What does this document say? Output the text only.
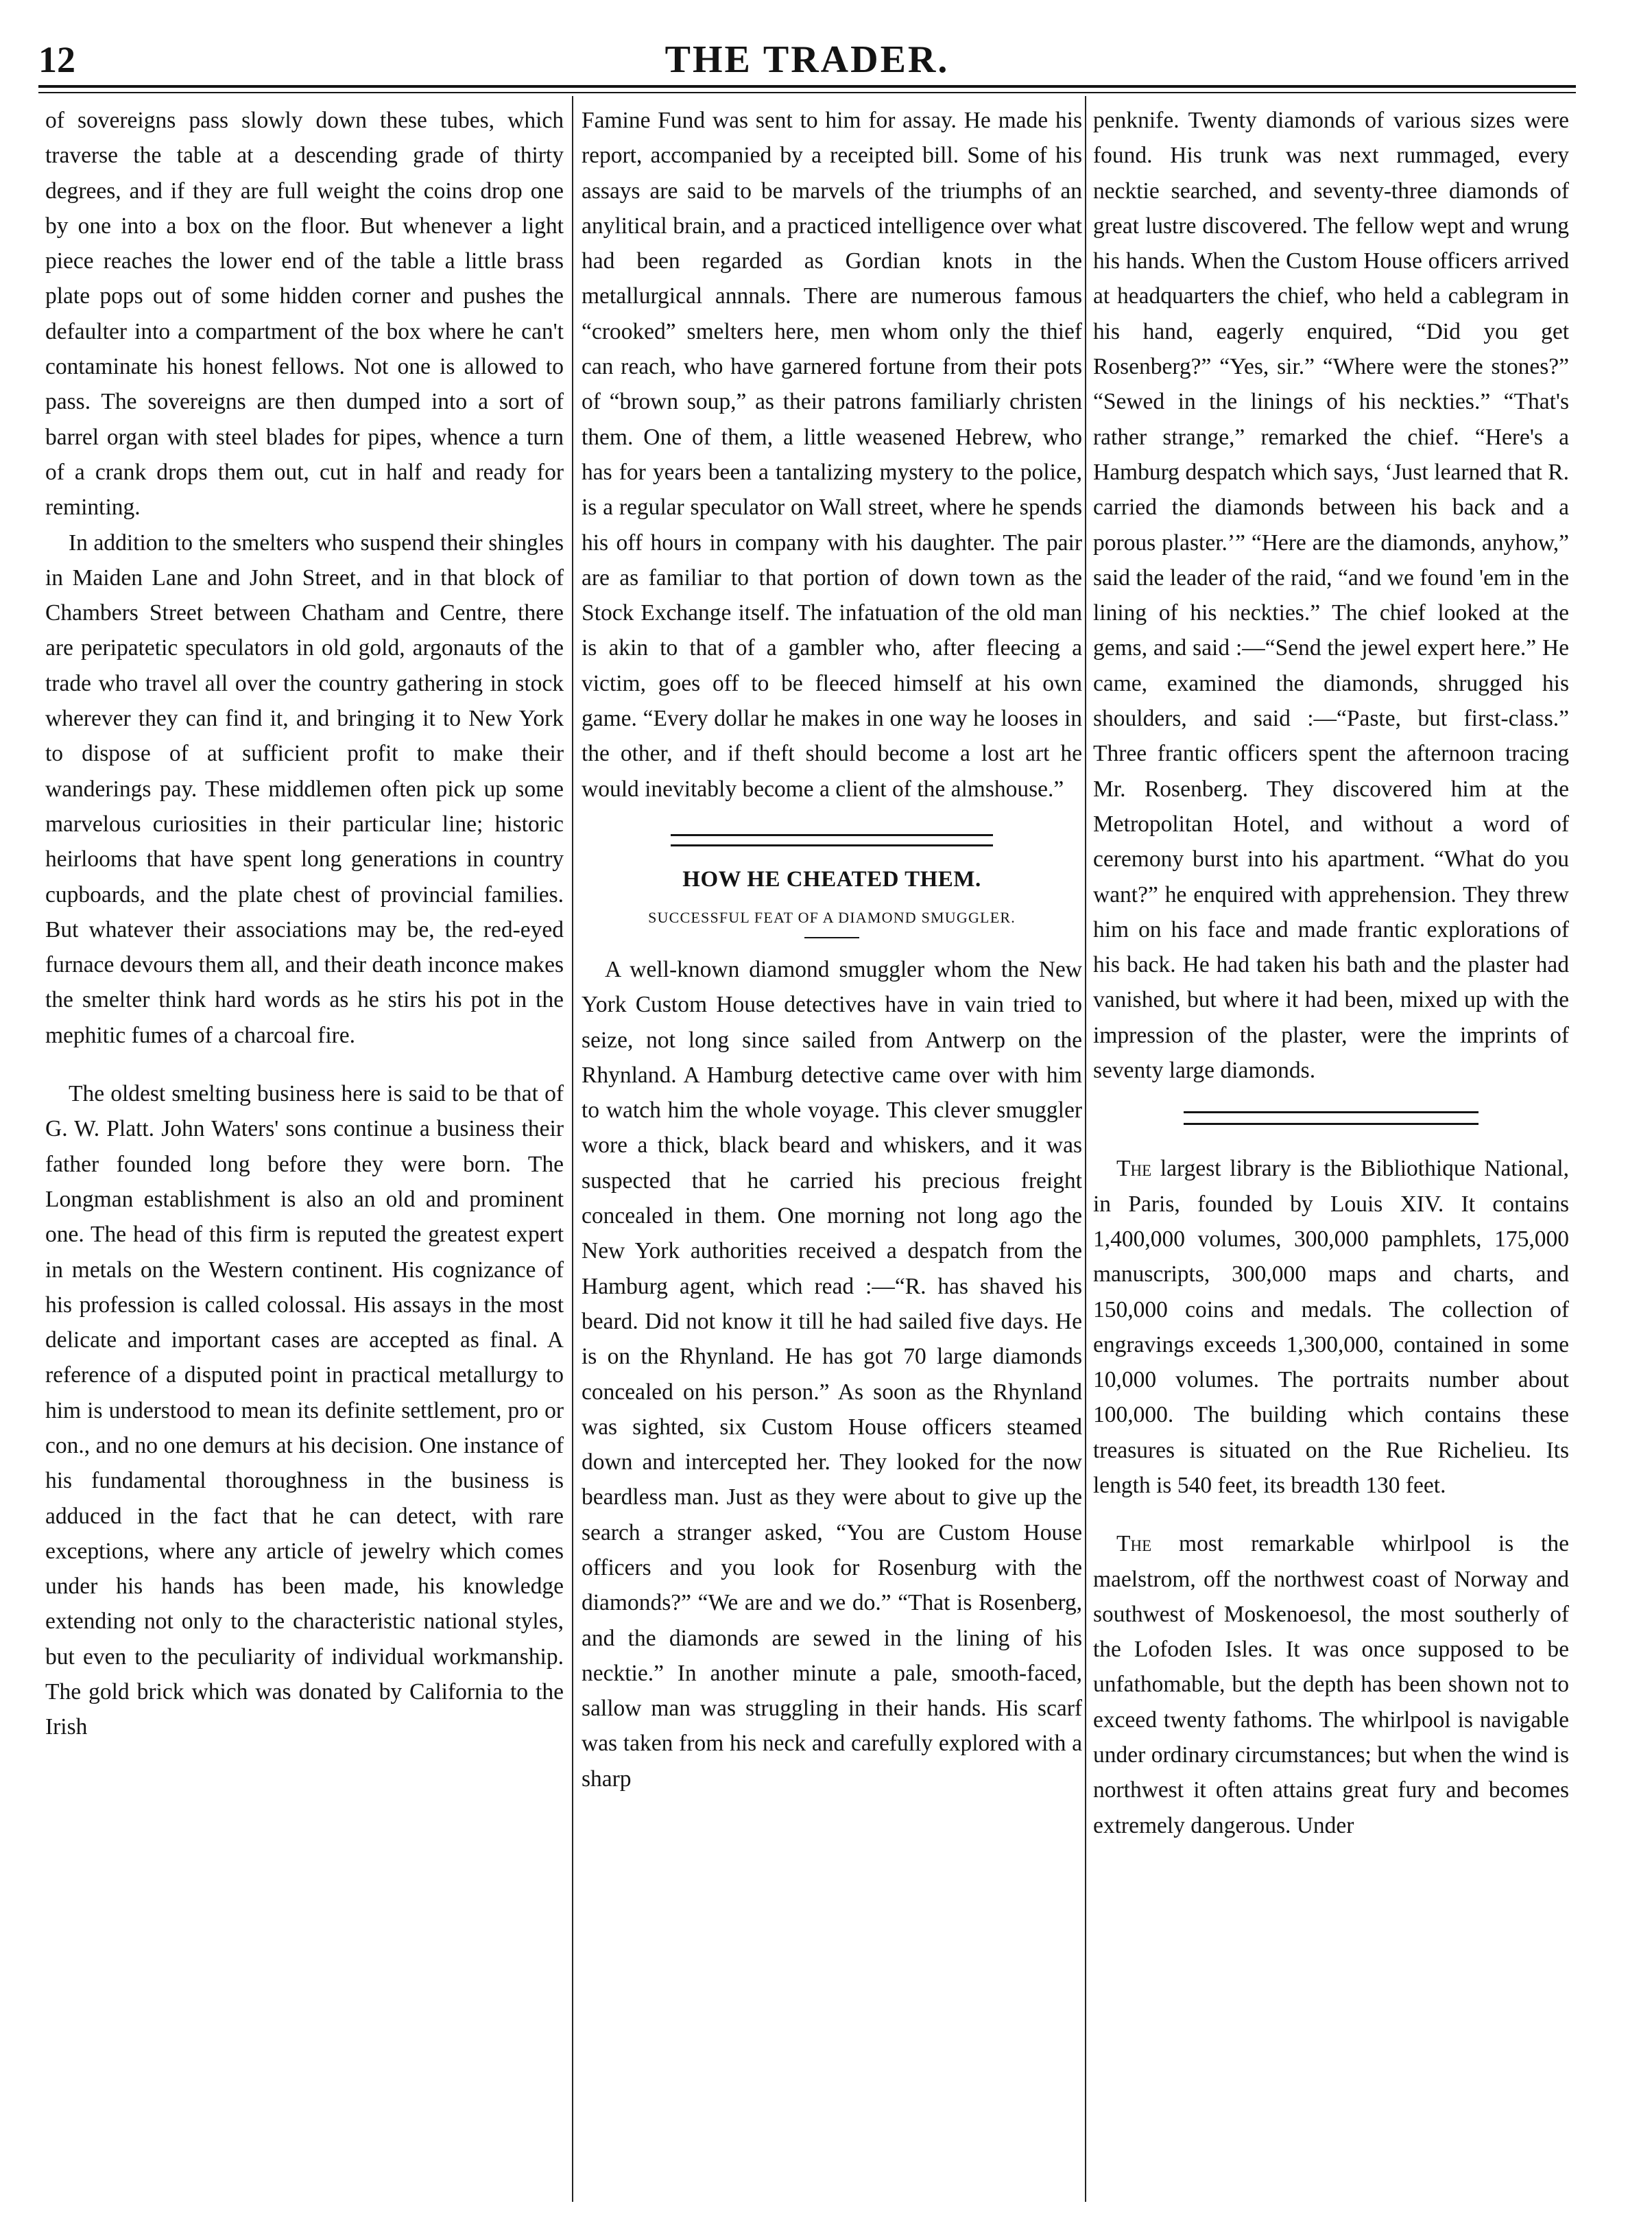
12	THE TRADER.

of sovereigns pass slowly down these tubes, which traverse the table at a descending grade of thirty degrees, and if they are full weight the coins drop one by one into a box on the floor. But whenever a light piece reaches the lower end of the table a little brass plate pops out of some hidden corner and pushes the defaulter into a compartment of the box where he can't contaminate his honest fellows. Not one is allowed to pass. The sovereigns are then dumped into a sort of barrel organ with steel blades for pipes, whence a turn of a crank drops them out, cut in half and ready for reminting.

In addition to the smelters who suspend their shingles in Maiden Lane and John Street, and in that block of Chambers Street between Chatham and Centre, there are peripatetic speculators in old gold, argonauts of the trade who travel all over the country gathering in stock wherever they can find it, and bringing it to New York to dispose of at sufficient profit to make their wanderings pay. These middlemen often pick up some marvelous curiosities in their particular line; historic heirlooms that have spent long generations in country cupboards, and the plate chest of provincial families. But whatever their associations may be, the red-eyed furnace devours them all, and their death inconce makes the smelter think hard words as he stirs his pot in the mephitic fumes of a charcoal fire.

The oldest smelting business here is said to be that of G. W. Platt. John Waters' sons continue a business their father founded long before they were born. The Longman establishment is also an old and prominent one. The head of this firm is reputed the greatest expert in metals on the Western continent. His cognizance of his profession is called colossal. His assays in the most delicate and important cases are accepted as final. A reference of a disputed point in practical metallurgy to him is understood to mean its definite settlement, pro or con., and no one demurs at his decision. One instance of his fundamental thoroughness in the business is adduced in the fact that he can detect, with rare exceptions, where any article of jewelry which comes under his hands has been made, his knowledge extending not only to the characteristic national styles, but even to the peculiarity of individual workmanship. The gold brick which was donated by California to the Irish

Famine Fund was sent to him for assay. He made his report, accompanied by a receipted bill. Some of his assays are said to be marvels of the triumphs of an anylitical brain, and a practiced intelligence over what had been regarded as Gordian knots in the metallurgical annnals. There are numerous famous “crooked” smelters here, men whom only the thief can reach, who have garnered fortune from their pots of “brown soup,” as their patrons familiarly christen them. One of them, a little weasened Hebrew, who has for years been a tantalizing mystery to the police, is a regular speculator on Wall street, where he spends his off hours in company with his daughter. The pair are as familiar to that portion of down town as the Stock Exchange itself. The infatuation of the old man is akin to that of a gambler who, after fleecing a victim, goes off to be fleeced himself at his own game. “Every dollar he makes in one way he looses in the other, and if theft should become a lost art he would inevitably become a client of the almshouse.”

HOW HE CHEATED THEM.
SUCCESSFUL FEAT OF A DIAMOND SMUGGLER.

A well-known diamond smuggler whom the New York Custom House detectives have in vain tried to seize, not long since sailed from Antwerp on the Rhynland. A Hamburg detective came over with him to watch him the whole voyage. This clever smuggler wore a thick, black beard and whiskers, and it was suspected that he carried his precious freight concealed in them. One morning not long ago the New York authorities received a despatch from the Hamburg agent, which read :—“R. has shaved his beard. Did not know it till he had sailed five days. He is on the Rhynland. He has got 70 large diamonds concealed on his person.” As soon as the Rhynland was sighted, six Custom House officers steamed down and intercepted her. They looked for the now beardless man. Just as they were about to give up the search a stranger asked, “You are Custom House officers and you look for Rosenburg with the diamonds?” “We are and we do.” “That is Rosenberg, and the diamonds are sewed in the lining of his necktie.” In another minute a pale, smooth-faced, sallow man was struggling in their hands. His scarf was taken from his neck and carefully explored with a sharp

penknife. Twenty diamonds of various sizes were found. His trunk was next rummaged, every necktie searched, and seventy-three diamonds of great lustre discovered. The fellow wept and wrung his hands. When the Custom House officers arrived at headquarters the chief, who held a cablegram in his hand, eagerly enquired, “Did you get Rosenberg?” “Yes, sir.” “Where were the stones?” “Sewed in the linings of his neckties.” “That's rather strange,” remarked the chief. “Here's a Hamburg despatch which says, ‘Just learned that R. carried the diamonds between his back and a porous plaster.’” “Here are the diamonds, anyhow,” said the leader of the raid, “and we found 'em in the lining of his neckties.” The chief looked at the gems, and said :—“Send the jewel expert here.” He came, examined the diamonds, shrugged his shoulders, and said :—“Paste, but first-class.” Three frantic officers spent the afternoon tracing Mr. Rosenberg. They discovered him at the Metropolitan Hotel, and without a word of ceremony burst into his apartment. “What do you want?” he enquired with apprehension. They threw him on his face and made frantic explorations of his back. He had taken his bath and the plaster had vanished, but where it had been, mixed up with the impression of the plaster, were the imprints of seventy large diamonds.

The largest library is the Bibliothique National, in Paris, founded by Louis XIV. It contains 1,400,000 volumes, 300,000 pamphlets, 175,000 manuscripts, 300,000 maps and charts, and 150,000 coins and medals. The collection of engravings exceeds 1,300,000, contained in some 10,000 volumes. The portraits number about 100,000. The building which contains these treasures is situated on the Rue Richelieu. Its length is 540 feet, its breadth 130 feet.

The most remarkable whirlpool is the maelstrom, off the northwest coast of Norway and southwest of Moskenoesol, the most southerly of the Lofoden Isles. It was once supposed to be unfathomable, but the depth has been shown not to exceed twenty fathoms. The whirlpool is navigable under ordinary circumstances; but when the wind is northwest it often attains great fury and becomes extremely dangerous. Under
